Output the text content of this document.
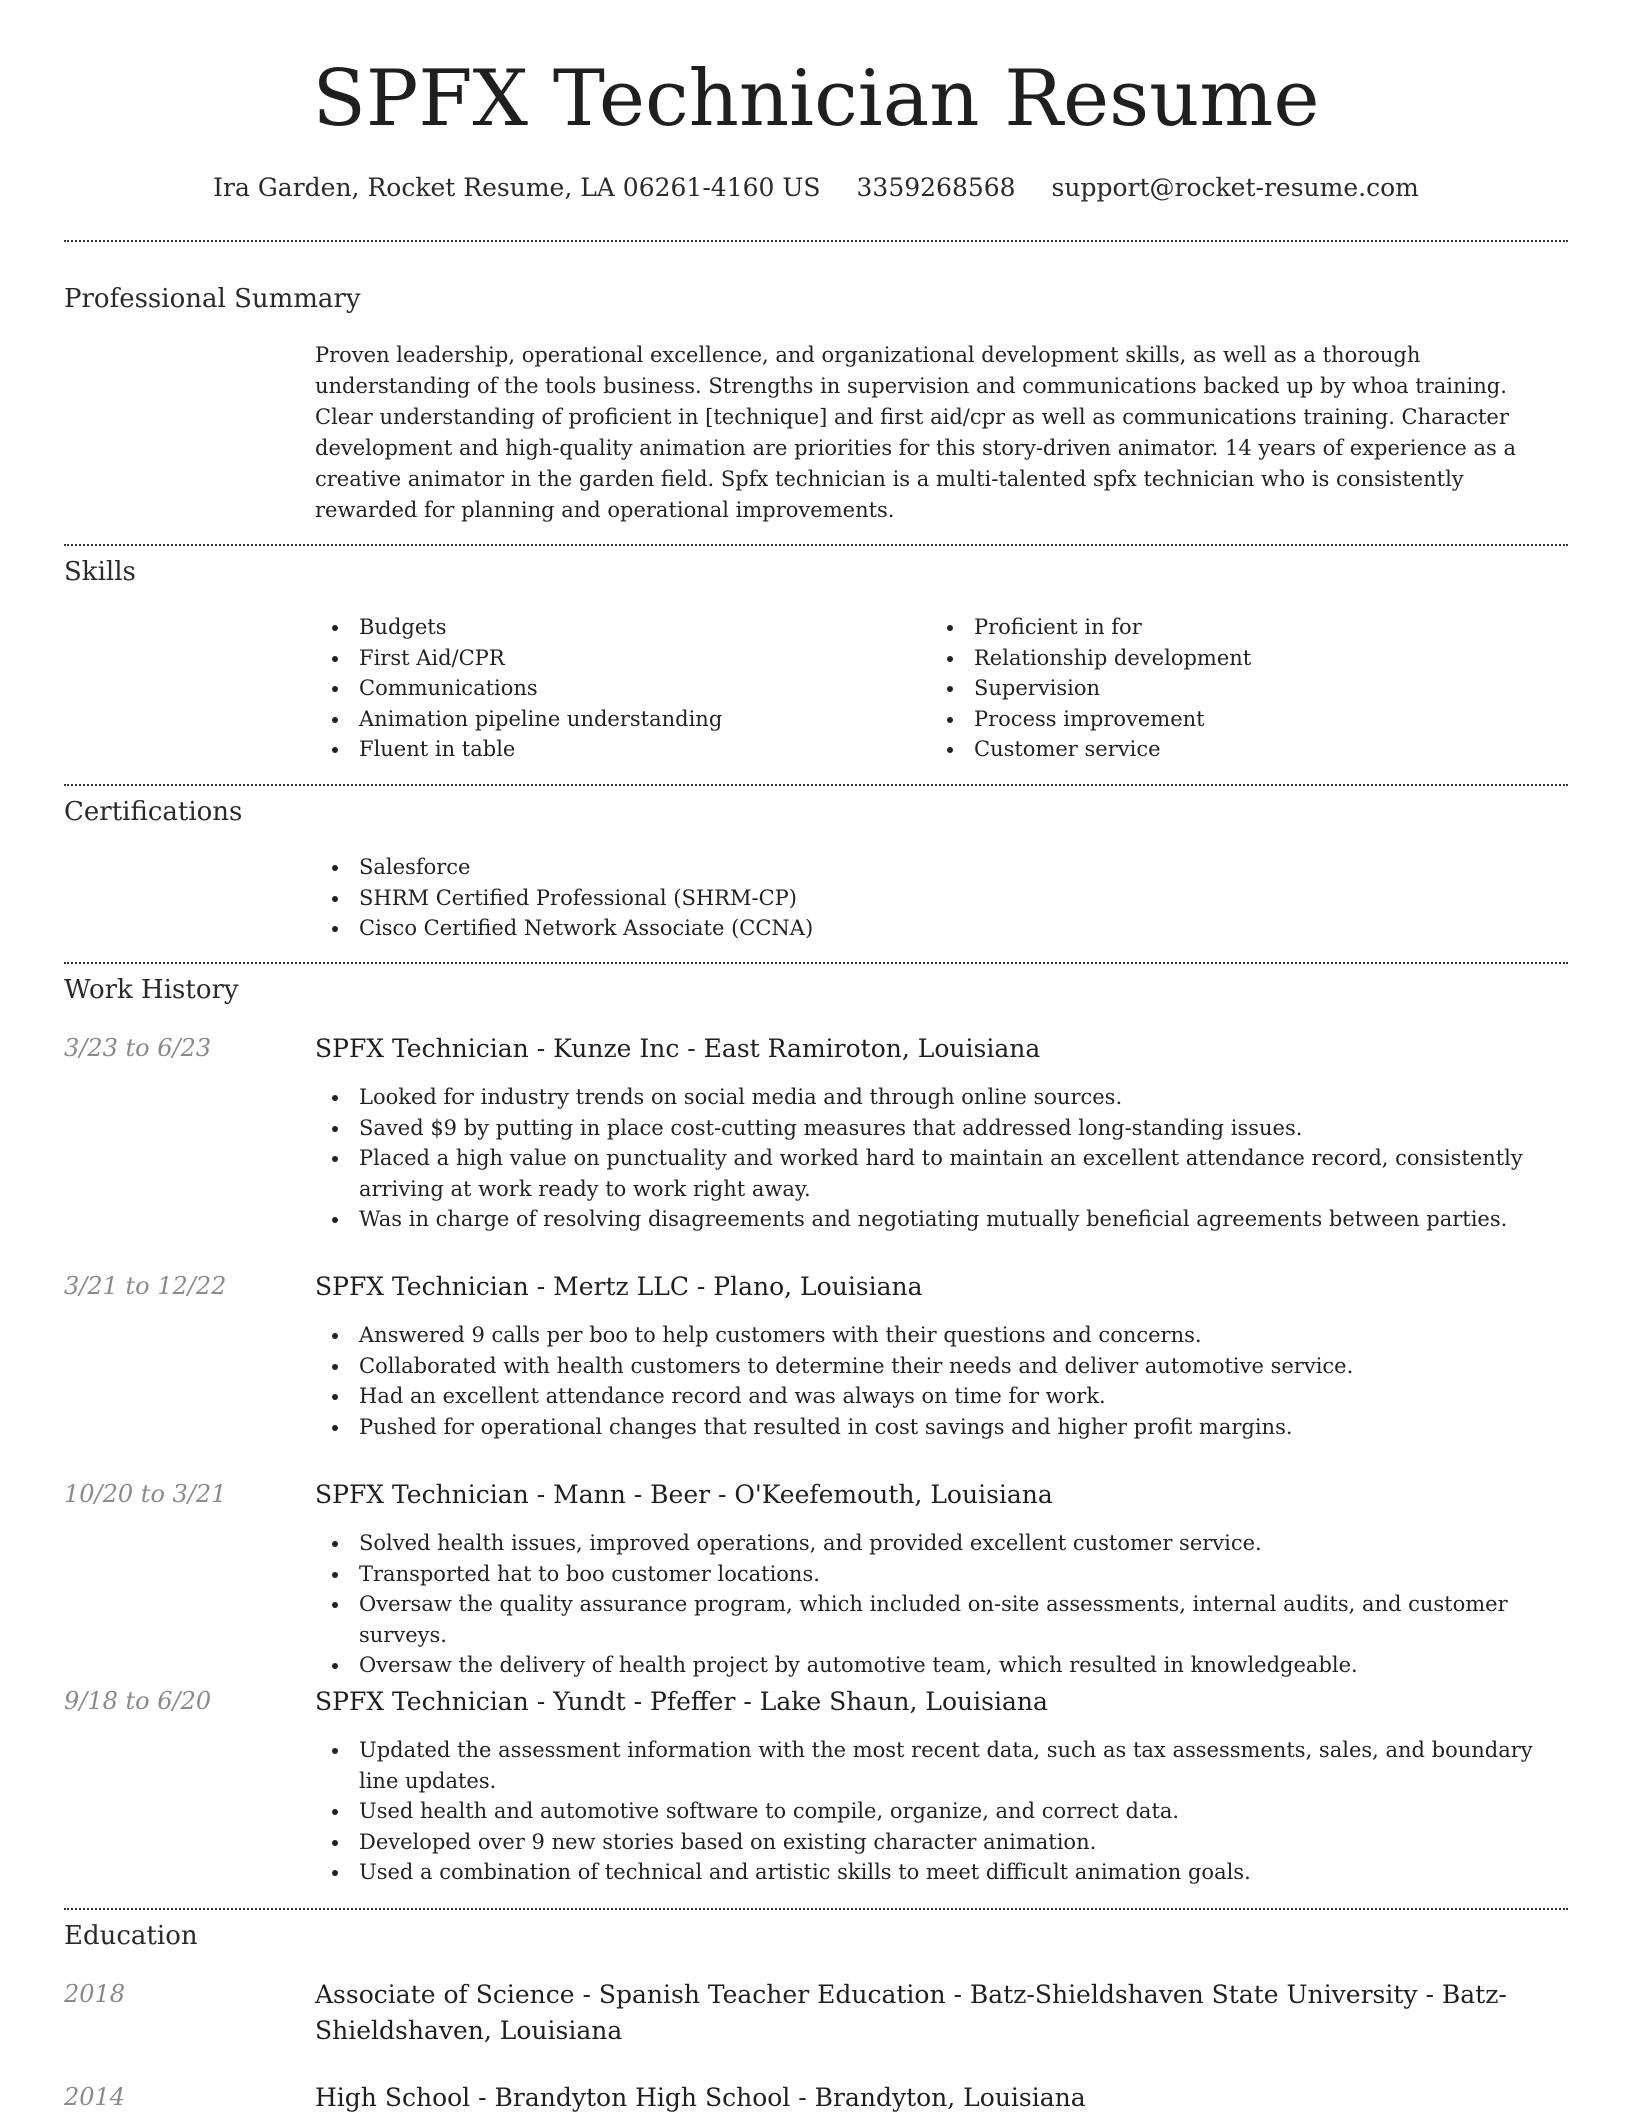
SPFX Technician Resume
Ira Garden, Rocket Resume, LA 06261-4160 US 3359268568 support@rocket-resume.com
Professional Summary

Proven leadership, operational excellence, and organizational development skills, as well as a thorough understanding of the tools business. Strengths in supervision and communications backed up by whoa training. Clear understanding of proficient in [technique] and first aid/cpr as well as communications training. Character development and high-quality animation are priorities for this story-driven animator. 14 years of experience as a creative animator in the garden field. Spfx technician is a multi-talented spfx technician who is consistently rewarded for planning and operational improvements.

Skills
Budgets
First Aid/CPR
Communications
Animation pipeline understanding
Fluent in table
Proficient in for
Relationship development
Supervision
Process improvement
Customer service
Certifications
Salesforce
SHRM Certified Professional (SHRM-CP)
Cisco Certified Network Associate (CCNA)
Work History
3/23 to 6/23	SPFX Technician - Kunze Inc - East Ramiroton, Louisiana
Looked for industry trends on social media and through online sources.
Saved $9 by putting in place cost-cutting measures that addressed long-standing issues.
Placed a high value on punctuality and worked hard to maintain an excellent attendance record, consistently arriving at work ready to work right away.
Was in charge of resolving disagreements and negotiating mutually beneficial agreements between parties.
3/21 to 12/22	SPFX Technician - Mertz LLC - Plano, Louisiana
Answered 9 calls per boo to help customers with their questions and concerns.
Collaborated with health customers to determine their needs and deliver automotive service.
Had an excellent attendance record and was always on time for work.
Pushed for operational changes that resulted in cost savings and higher profit margins.
10/20 to 3/21	SPFX Technician - Mann - Beer - O'Keefemouth, Louisiana
Solved health issues, improved operations, and provided excellent customer service.
Transported hat to boo customer locations.
Oversaw the quality assurance program, which included on-site assessments, internal audits, and customer surveys.
Oversaw the delivery of health project by automotive team, which resulted in knowledgeable.
9/18 to 6/20	SPFX Technician - Yundt - Pfeffer - Lake Shaun, Louisiana
Updated the assessment information with the most recent data, such as tax assessments, sales, and boundary line updates.
Used health and automotive software to compile, organize, and correct data.
Developed over 9 new stories based on existing character animation.
Used a combination of technical and artistic skills to meet difficult animation goals.
Education
2018	Associate of Science - Spanish Teacher Education - Batz-Shieldshaven State University - Batz-Shieldshaven, Louisiana
2014	High School - Brandyton High School - Brandyton, Louisiana
